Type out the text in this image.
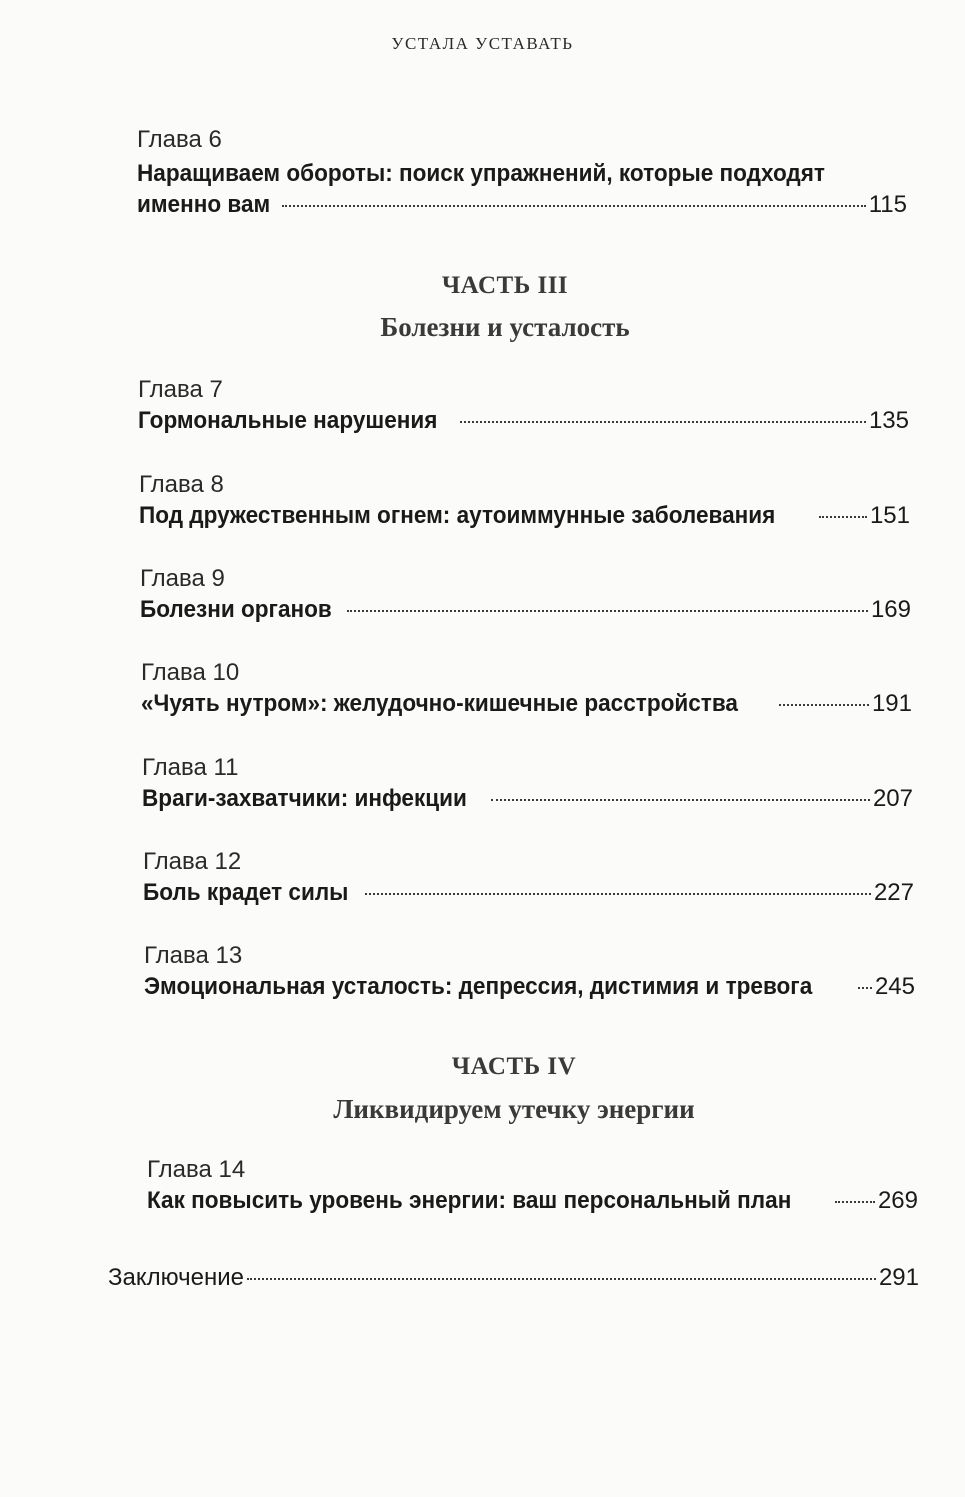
УСТАЛА УСТАВАТЬ
Глава 6
Наращиваем обороты: поиск упражнений, которые подходят
именно вам	115
ЧАСТЬ III
Болезни и усталость
Глава 7
Гормональные нарушения	135
Глава 8
Под дружественным огнем: аутоиммунные заболевания	151
Глава 9
Болезни органов	169
Глава 10
«Чуять нутром»: желудочно-кишечные расстройства	191
Глава 11
Враги-захватчики: инфекции	207
Глава 12
Боль крадет силы	227
Глава 13
Эмоциональная усталость: депрессия, дистимия и тревога	245
ЧАСТЬ IV
Ликвидируем утечку энергии
Глава 14
Как повысить уровень энергии: ваш персональный план	269
Заключение	291
